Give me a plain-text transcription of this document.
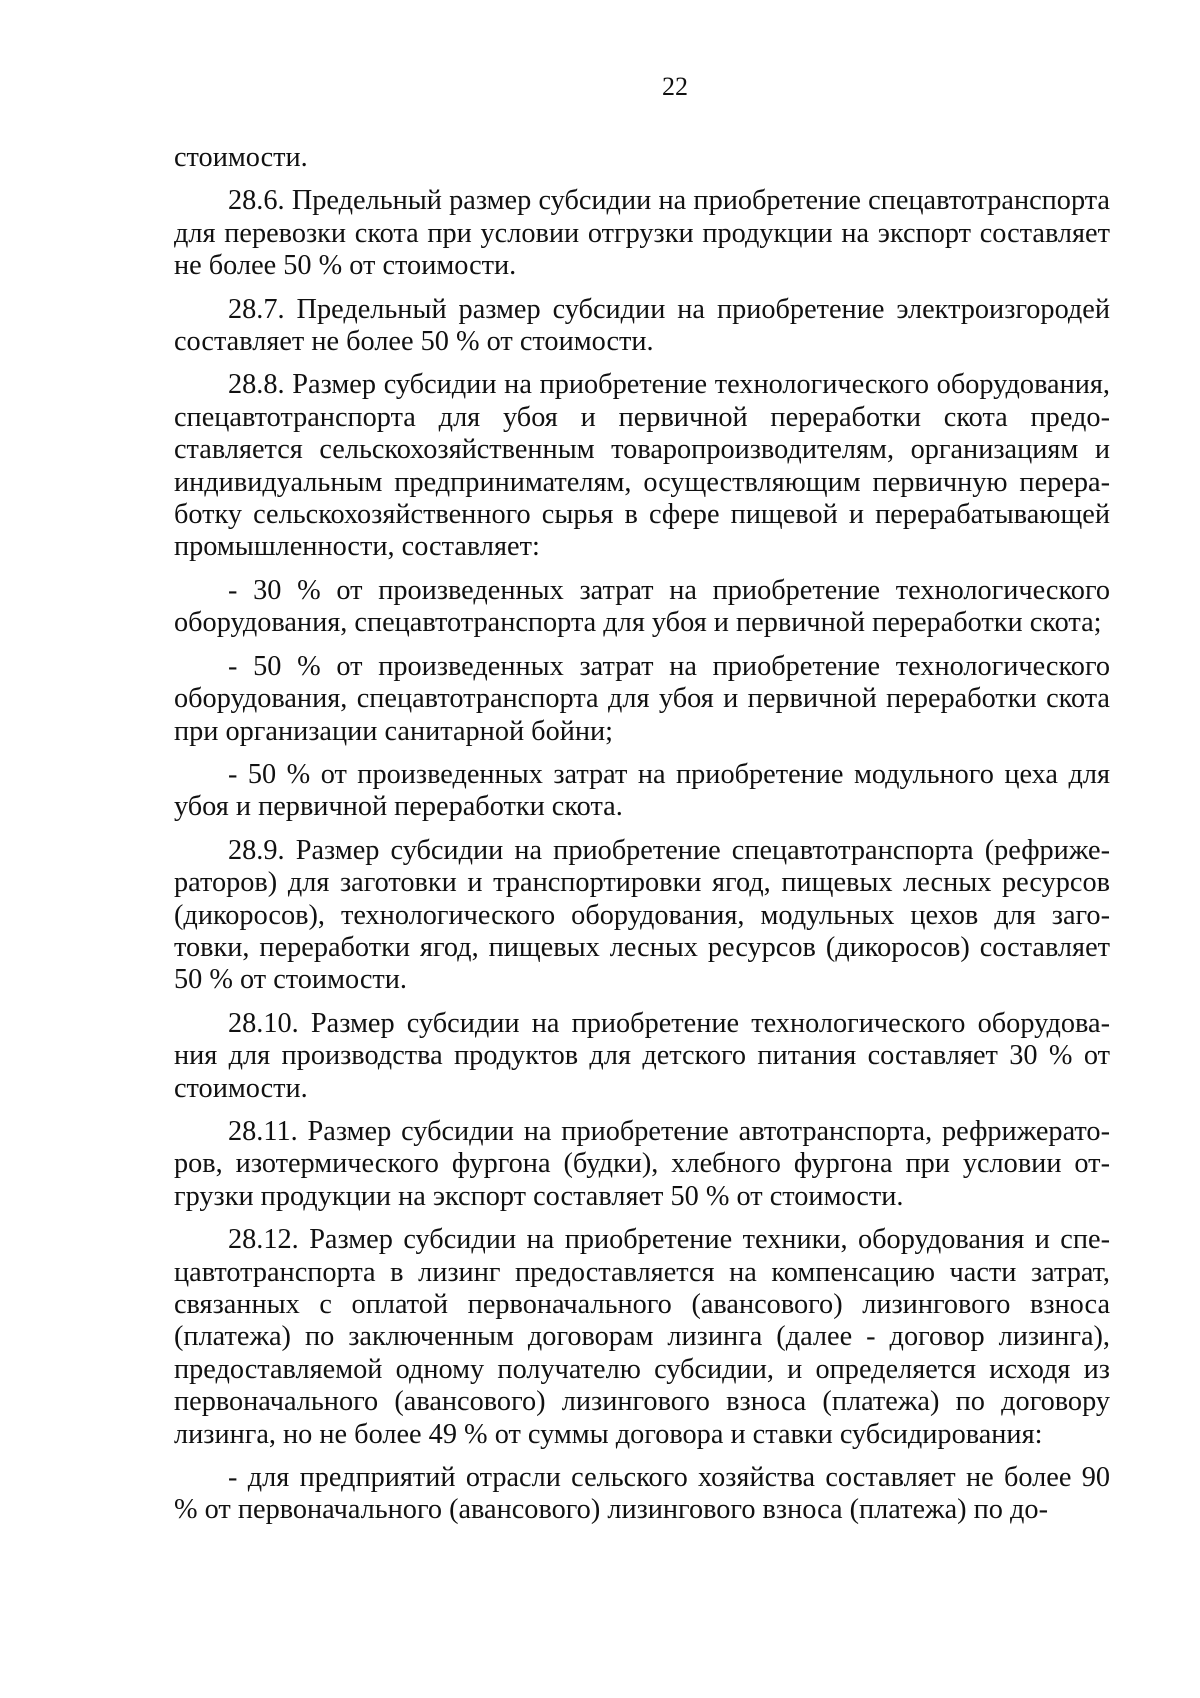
22

стоимости.

28.6. Предельный размер субсидии на приобретение спецавтотранспорта для перевозки скота при условии отгрузки продукции на экспорт составляет не более 50 % от стоимости.

28.7. Предельный размер субсидии на приобретение электроизгородей составляет не более 50 % от стоимости.

28.8. Размер субсидии на приобретение технологического оборудования, спецавтотранспорта для убоя и первичной переработки скота предоставляется сельскохозяйственным товаропроизводителям, организациям и индивидуальным предпринимателям, осуществляющим первичную переработку сельскохозяйственного сырья в сфере пищевой и перерабатывающей промышленности, составляет:

- 30 % от произведенных затрат на приобретение технологического оборудования, спецавтотранспорта для убоя и первичной переработки скота;

- 50 % от произведенных затрат на приобретение технологического оборудования, спецавтотранспорта для убоя и первичной переработки скота при организации санитарной бойни;

- 50 % от произведенных затрат на приобретение модульного цеха для убоя и первичной переработки скота.

28.9. Размер субсидии на приобретение спецавтотранспорта (рефрижераторов) для заготовки и транспортировки ягод, пищевых лесных ресурсов (дикоросов), технологического оборудования, модульных цехов для заготовки, переработки ягод, пищевых лесных ресурсов (дикоросов) составляет 50 % от стоимости.

28.10. Размер субсидии на приобретение технологического оборудования для производства продуктов для детского питания составляет 30 % от стоимости.

28.11. Размер субсидии на приобретение автотранспорта, рефрижераторов, изотермического фургона (будки), хлебного фургона при условии отгрузки продукции на экспорт составляет 50 % от стоимости.

28.12. Размер субсидии на приобретение техники, оборудования и спецавтотранспорта в лизинг предоставляется на компенсацию части затрат, связанных с оплатой первоначального (авансового) лизингового взноса (платежа) по заключенным договорам лизинга (далее - договор лизинга), предоставляемой одному получателю субсидии, и определяется исходя из первоначального (авансового) лизингового взноса (платежа) по договору лизинга, но не более 49 % от суммы договора и ставки субсидирования:

- для предприятий отрасли сельского хозяйства составляет не более 90 % от первоначального (авансового) лизингового взноса (платежа) по до-
